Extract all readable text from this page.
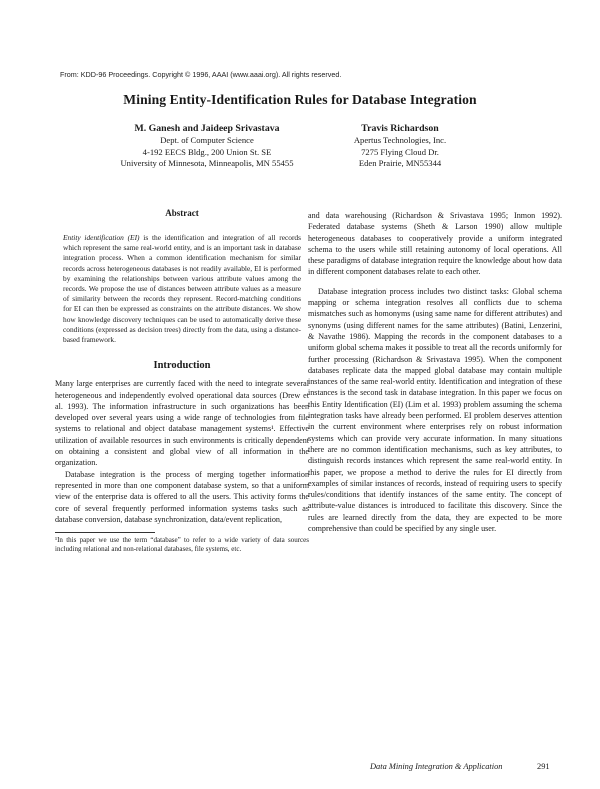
From: KDD-96 Proceedings. Copyright © 1996, AAAI (www.aaai.org). All rights reserved.
Mining Entity-Identification Rules for Database Integration
M. Ganesh and Jaideep Srivastava
Dept. of Computer Science
4-192 EECS Bldg., 200 Union St. SE
University of Minnesota, Minneapolis, MN 55455
Travis Richardson
Apertus Technologies, Inc.
7275 Flying Cloud Dr.
Eden Prairie, MN55344
Abstract

Entity identification (EI) is the identification and integration of all records which represent the same real-world entity, and is an important task in database integration process. When a common identification mechanism for similar records across heterogeneous databases is not readily available, EI is performed by examining the relationships between various attribute values among the records. We propose the use of distances between attribute values as a measure of similarity between the records they represent. Record-matching conditions for EI can then be expressed as constraints on the attribute distances. We show how knowledge discovery techniques can be used to automatically derive these conditions (expressed as decision trees) directly from the data, using a distance-based framework.

Introduction

Many large enterprises are currently faced with the need to integrate several heterogeneous and independently evolved operational data sources (Drew et al. 1993). The information infrastructure in such organizations has been developed over several years using a wide range of technologies from file systems to relational and object database management systems¹. Effective utilization of available resources in such environments is critically dependent on obtaining a consistent and global view of all information in the organization.

Database integration is the process of merging together information represented in more than one component database system, so that a uniform view of the enterprise data is offered to all the users. This activity forms the core of several frequently performed information systems tasks such as database conversion, database synchronization, data/event replication,

¹In this paper we use the term “database” to refer to a wide variety of data sources including relational and non-relational databases, file systems, etc.

and data warehousing (Richardson & Srivastava 1995; Inmon 1992). Federated database systems (Sheth & Larson 1990) allow multiple heterogeneous databases to cooperatively provide a uniform integrated schema to the users while still retaining autonomy of local operations. All these paradigms of database integration require the knowledge about how data in different component databases relate to each other.

Database integration process includes two distinct tasks: Global schema mapping or schema integration resolves all conflicts due to schema mismatches such as homonyms (using same name for different attributes) and synonyms (using different names for the same attributes) (Batini, Lenzerini, & Navathe 1986). Mapping the records in the component databases to a uniform global schema makes it possible to treat all the records uniformly for further processing (Richardson & Srivastava 1995). When the component databases replicate data the mapped global database may contain multiple instances of the same real-world entity. Identification and integration of these instances is the second task in database integration. In this paper we focus on this Entity Identification (EI) (Lim et al. 1993) problem assuming the schema integration tasks have already been performed. EI problem deserves attention in the current environment where enterprises rely on robust information systems which can provide very accurate information. In many situations there are no common identification mechanisms, such as key attributes, to distinguish records instances which represent the same real-world entity. In this paper, we propose a method to derive the rules for EI directly from examples of similar instances of records, instead of requiring users to specify rules/conditions that identify instances of the same entity. The concept of attribute-value distances is introduced to facilitate this discovery. Since the rules are learned directly from the data, they are expected to be more comprehensive than could be specified by any single user.

Data Mining Integration & Application	291
